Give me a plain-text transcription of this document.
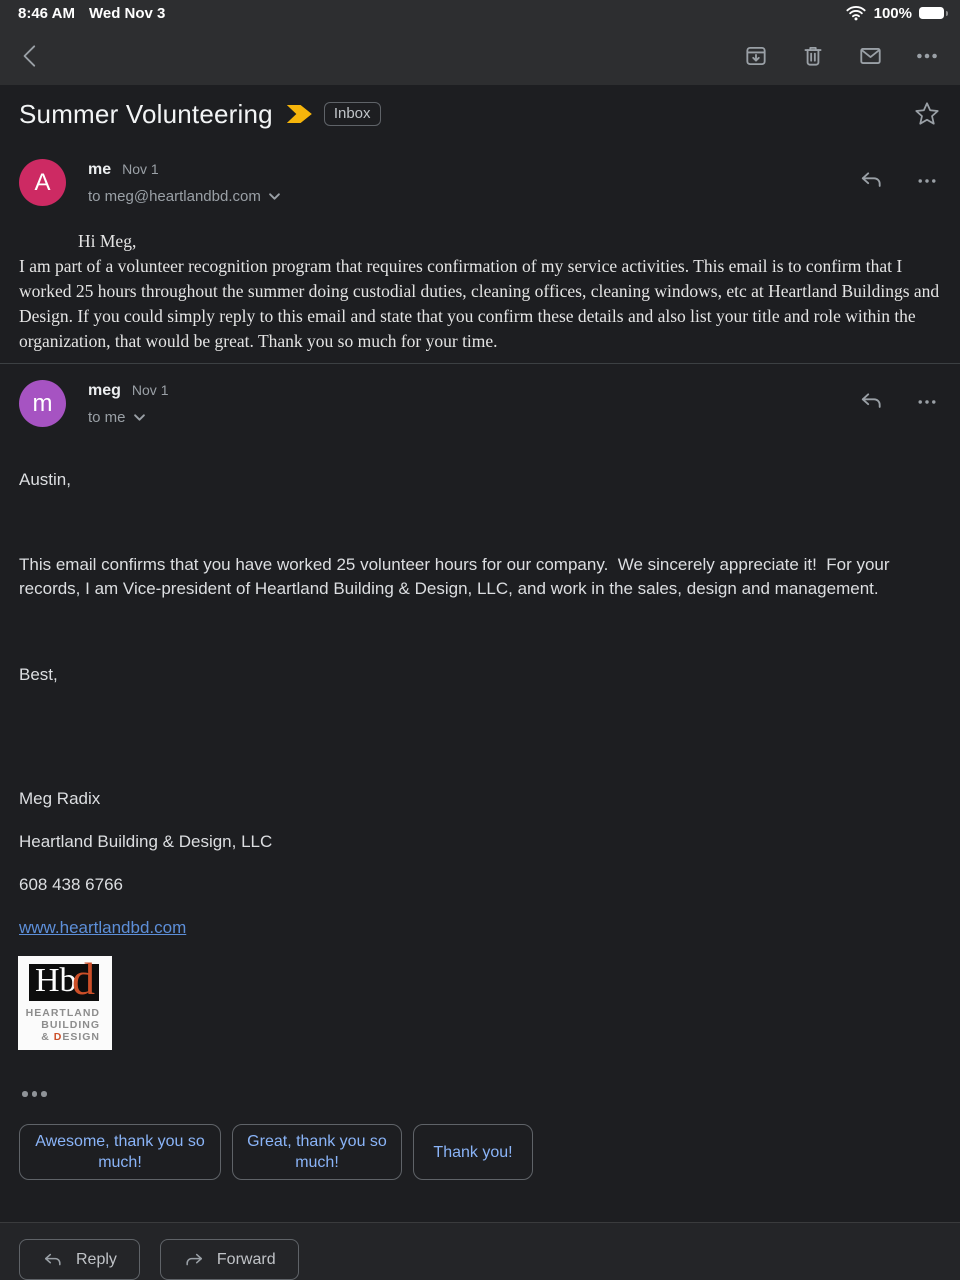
8:46 AM Wed Nov 3	100%
Summer Volunteering	Inbox
A	me Nov 1
to meg@heartlandbd.com
Hi Meg,
I am part of a volunteer recognition program that requires confirmation of my service activities. This email is to confirm that I worked 25 hours throughout the summer doing custodial duties, cleaning offices, cleaning windows, etc at Heartland Buildings and Design. If you could simply reply to this email and state that you confirm these details and also list your title and role within the organization, that would be great. Thank you so much for your time.
m	meg Nov 1
to me
Austin,
This email confirms that you have worked 25 volunteer hours for our company.  We sincerely appreciate it!  For your records, I am Vice-president of Heartland Building & Design, LLC, and work in the sales, design and management.
Best,
Meg Radix
Heartland Building & Design, LLC
608 438 6766
www.heartlandbd.com
Hb
d
HEARTLAND
BUILDING
& DESIGN
Awesome, thank you so much!
Great, thank you so much!
Thank you!
Reply	Forward
